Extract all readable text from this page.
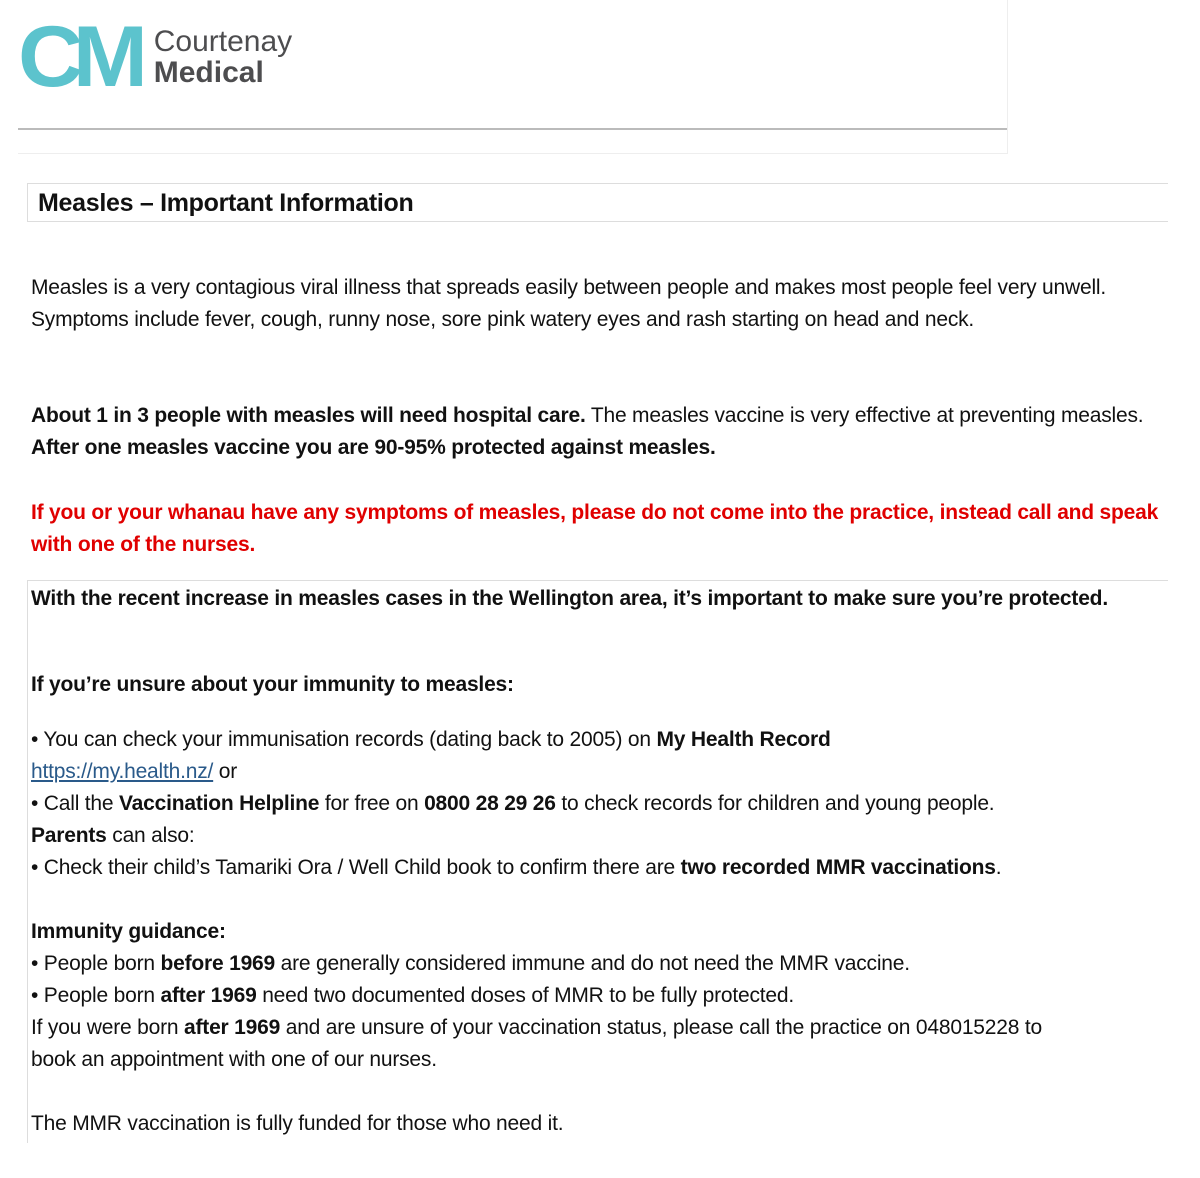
CM Courtenay
Medical
Measles – Important Information
Measles is a very contagious viral illness that spreads easily between people and makes most people feel very unwell. Symptoms include fever, cough, runny nose, sore pink watery eyes and rash starting on head and neck.
About 1 in 3 people with measles will need hospital care. The measles vaccine is very effective at preventing measles. After one measles vaccine you are 90-95% protected against measles.
If you or your whanau have any symptoms of measles, please do not come into the practice, instead call and speak with one of the nurses.
With the recent increase in measles cases in the Wellington area, it’s important to make sure you’re protected.
If you’re unsure about your immunity to measles:
• You can check your immunisation records (dating back to 2005) on My Health Record
https://my.health.nz/ or
• Call the Vaccination Helpline for free on 0800 28 29 26 to check records for children and young people.
Parents can also:
• Check their child’s Tamariki Ora / Well Child book to confirm there are two recorded MMR vaccinations.
Immunity guidance:
• People born before 1969 are generally considered immune and do not need the MMR vaccine.
• People born after 1969 need two documented doses of MMR to be fully protected.
If you were born after 1969 and are unsure of your vaccination status, please call the practice on 048015228 to book an appointment with one of our nurses.
The MMR vaccination is fully funded for those who need it.
